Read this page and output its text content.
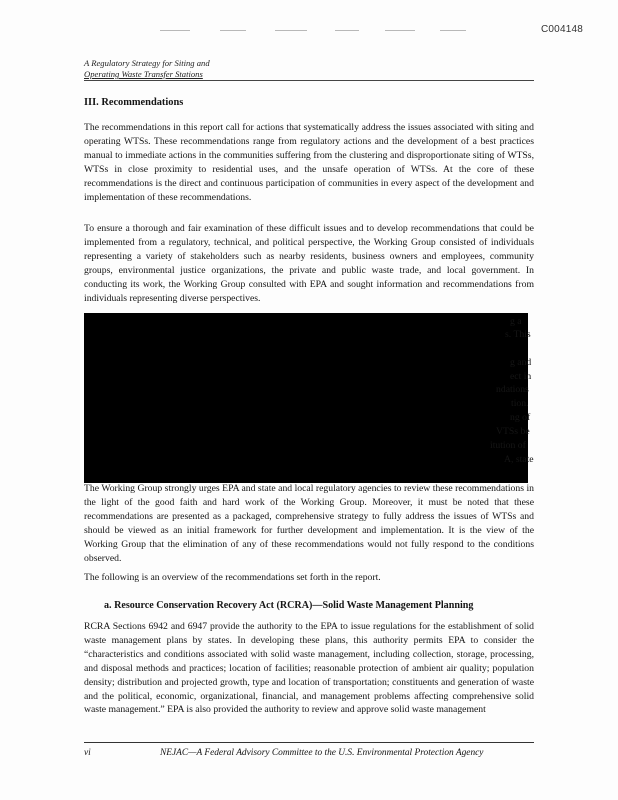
C004148
A Regulatory Strategy for Siting and
Operating Waste Transfer Stations
III. Recommendations

The recommendations in this report call for actions that systematically address the issues associated with siting and operating WTSs. These recommendations range from regulatory actions and the development of a best practices manual to immediate actions in the communities suffering from the clustering and disproportionate siting of WTSs, WTSs in close proximity to residential uses, and the unsafe operation of WTSs. At the core of these recommendations is the direct and continuous participation of communities in every aspect of the development and implementation of these recommendations.

To ensure a thorough and fair examination of these difficult issues and to develop recommendations that could be implemented from a regulatory, technical, and political perspective, the Working Group consisted of individuals representing a variety of stakeholders such as nearby residents, business owners and employees, community groups, environmental justice organizations, the private and public waste trade, and local government. In conducting its work, the Working Group consulted with EPA and sought information and recommendations from individuals representing diverse perspectives.

g a
s. This
g and
ect in
ndations
tion.
ng of
VTSs be
itution of
A, state

The Working Group strongly urges EPA and state and local regulatory agencies to review these recommendations in the light of the good faith and hard work of the Working Group. Moreover, it must be noted that these recommendations are presented as a packaged, comprehensive strategy to fully address the issues of WTSs and should be viewed as an initial framework for further development and implementation. It is the view of the Working Group that the elimination of any of these recommendations would not fully respond to the conditions observed.

The following is an overview of the recommendations set forth in the report.

a. Resource Conservation Recovery Act (RCRA)—Solid Waste Management Planning

RCRA Sections 6942 and 6947 provide the authority to the EPA to issue regulations for the establishment of solid waste management plans by states. In developing these plans, this authority permits EPA to consider the “characteristics and conditions associated with solid waste management, including collection, storage, processing, and disposal methods and practices; location of facilities; reasonable protection of ambient air quality; population density; distribution and projected growth, type and location of transportation; constituents and generation of waste and the political, economic, organizational, financial, and management problems affecting comprehensive solid waste management.” EPA is also provided the authority to review and approve solid waste management

vi	NEJAC—A Federal Advisory Committee to the U.S. Environmental Protection Agency
